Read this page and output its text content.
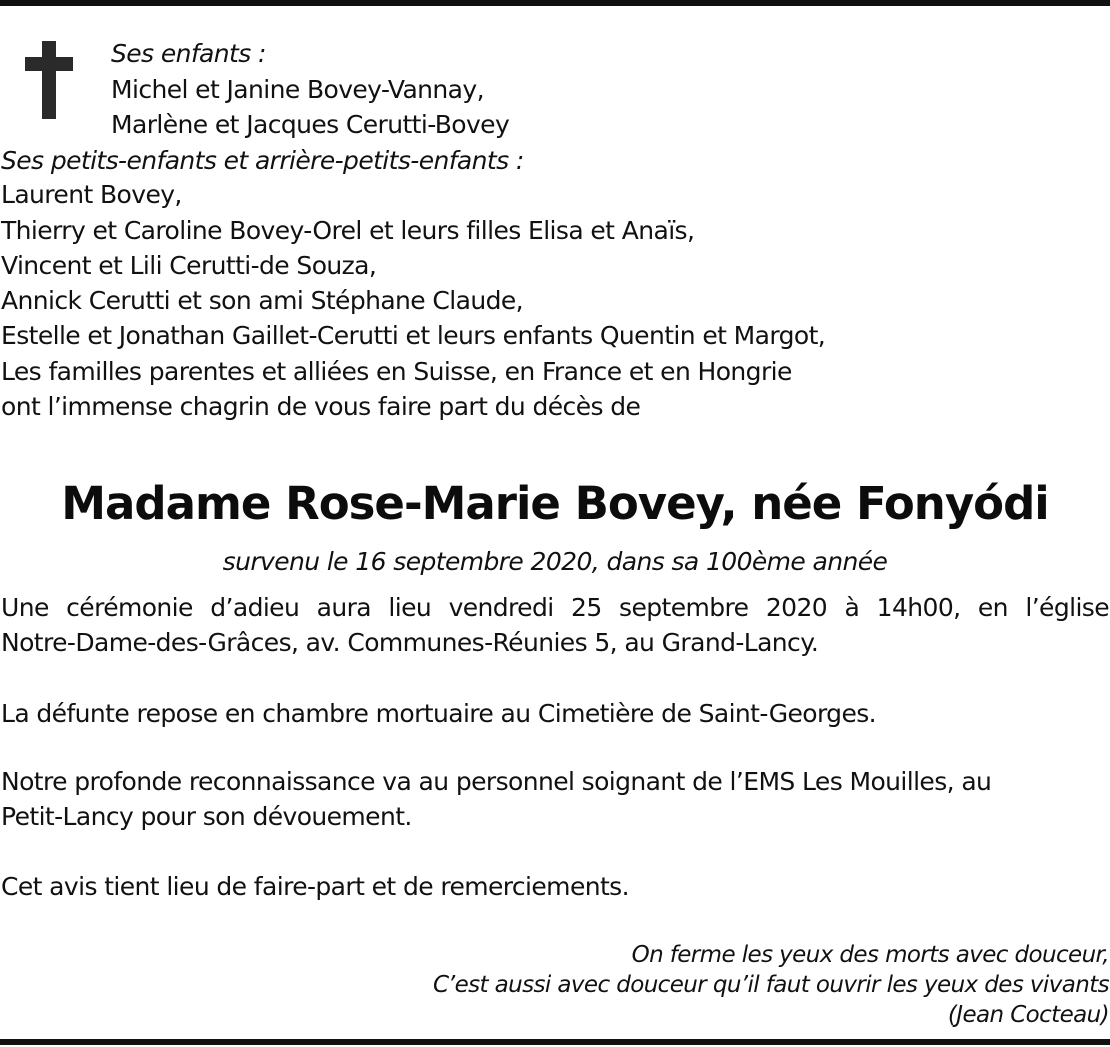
Ses enfants :
Michel et Janine Bovey-Vannay,
Marlène et Jacques Cerutti-Bovey
Ses petits-enfants et arrière-petits-enfants :
Laurent Bovey,
Thierry et Caroline Bovey-Orel et leurs filles Elisa et Anaïs,
Vincent et Lili Cerutti-de Souza,
Annick Cerutti et son ami Stéphane Claude,
Estelle et Jonathan Gaillet-Cerutti et leurs enfants Quentin et Margot,
Les familles parentes et alliées en Suisse, en France et en Hongrie
ont l’immense chagrin de vous faire part du décès de
Madame Rose-Marie Bovey, née Fonyódi
survenu le 16 septembre 2020, dans sa 100ème année
Une cérémonie d’adieu aura lieu vendredi 25 septembre 2020 à 14h00, en l’église
Notre-Dame-des-Grâces, av. Communes-Réunies 5, au Grand-Lancy.
La défunte repose en chambre mortuaire au Cimetière de Saint-Georges.
Notre profonde reconnaissance va au personnel soignant de l’EMS Les Mouilles, au
Petit-Lancy pour son dévouement.
Cet avis tient lieu de faire-part et de remerciements.
On ferme les yeux des morts avec douceur,
C’est aussi avec douceur qu’il faut ouvrir les yeux des vivants
(Jean Cocteau)
